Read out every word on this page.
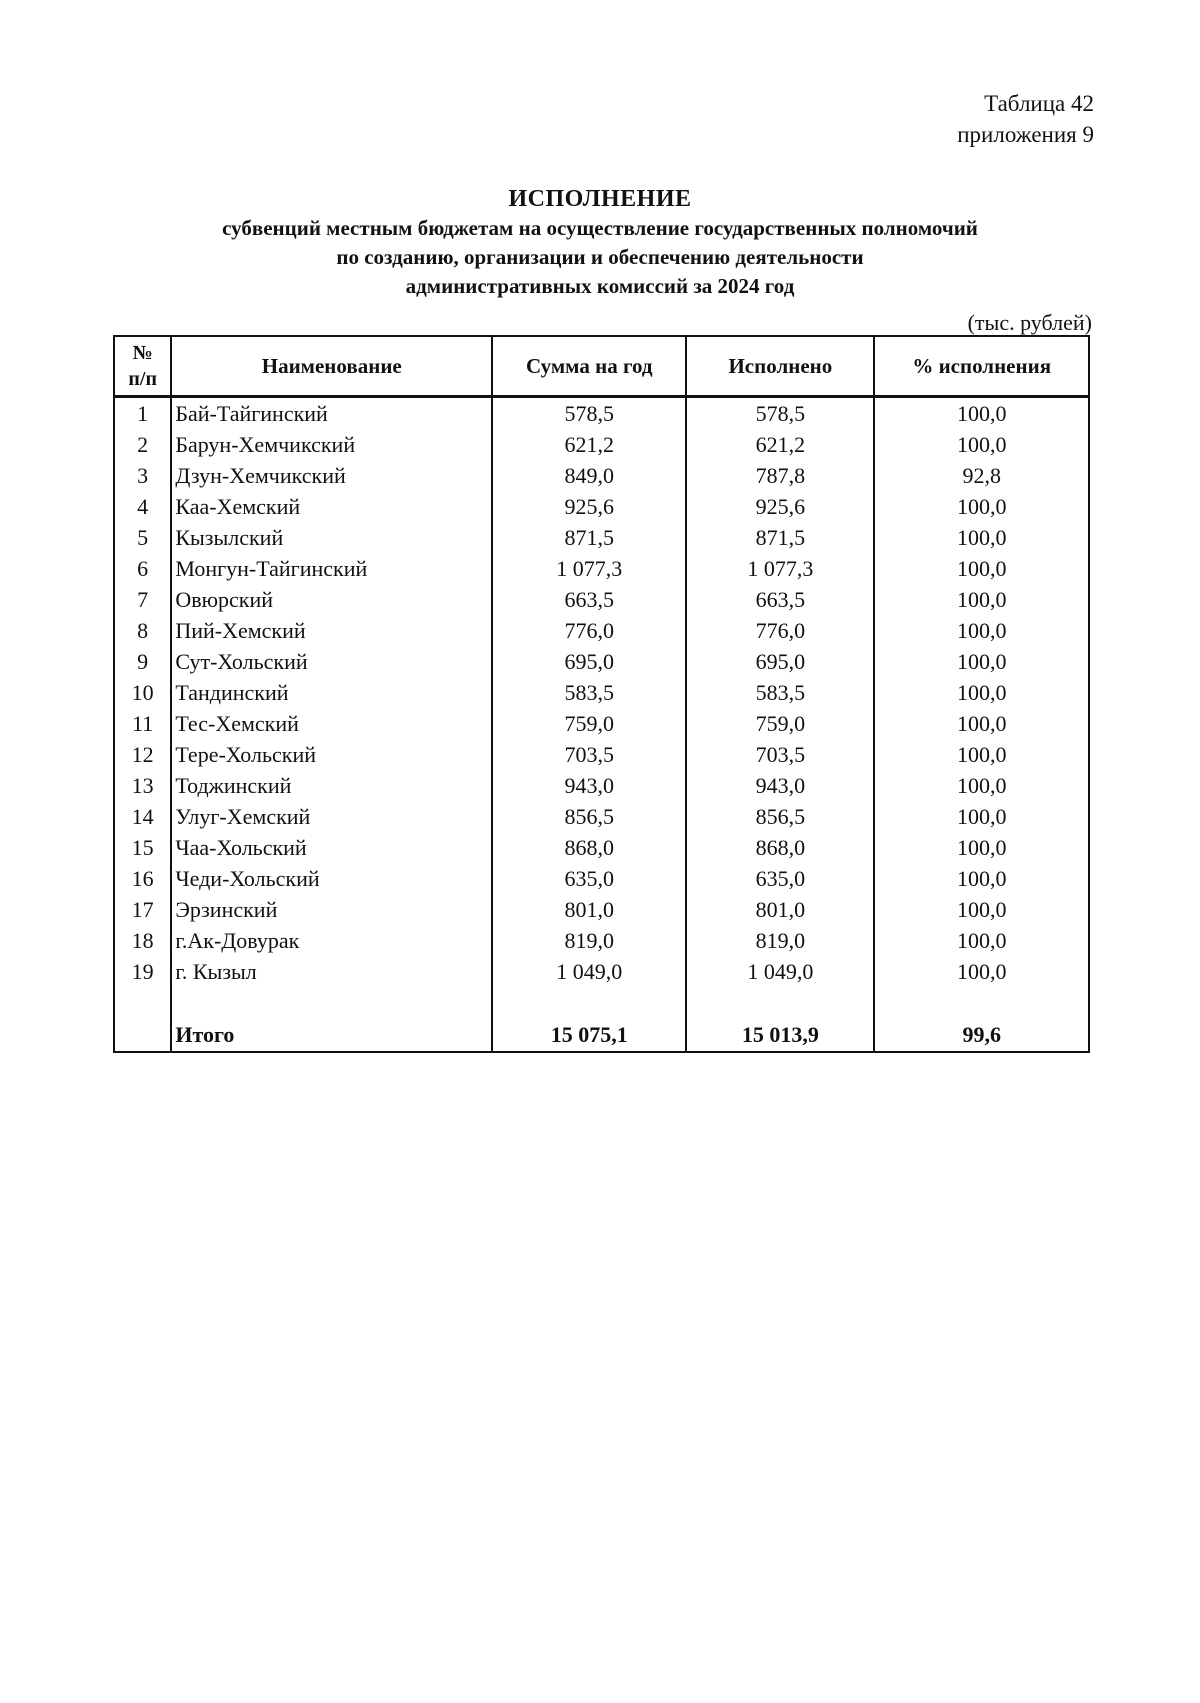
Таблица 42
приложения 9
ИСПОЛНЕНИЕ
субвенций местным бюджетам на осуществление государственных полномочий
по созданию, организации и обеспечению деятельности
административных комиссий за 2024 год
(тыс. рублей)
№
п/п	Наименование	Сумма на год	Исполнено	% исполнения
1	Бай-Тайгинский	578,5	578,5	100,0
2	Барун-Хемчикский	621,2	621,2	100,0
3	Дзун-Хемчикский	849,0	787,8	92,8
4	Каа-Хемский	925,6	925,6	100,0
5	Кызылский	871,5	871,5	100,0
6	Монгун-Тайгинский	1 077,3	1 077,3	100,0
7	Овюрский	663,5	663,5	100,0
8	Пий-Хемский	776,0	776,0	100,0
9	Сут-Хольский	695,0	695,0	100,0
10	Тандинский	583,5	583,5	100,0
11	Тес-Хемский	759,0	759,0	100,0
12	Тере-Хольский	703,5	703,5	100,0
13	Тоджинский	943,0	943,0	100,0
14	Улуг-Хемский	856,5	856,5	100,0
15	Чаа-Хольский	868,0	868,0	100,0
16	Чеди-Хольский	635,0	635,0	100,0
17	Эрзинский	801,0	801,0	100,0
18	г.Ак-Довурак	819,0	819,0	100,0
19	г. Кызыл	1 049,0	1 049,0	100,0

	Итого	15 075,1	15 013,9	99,6
